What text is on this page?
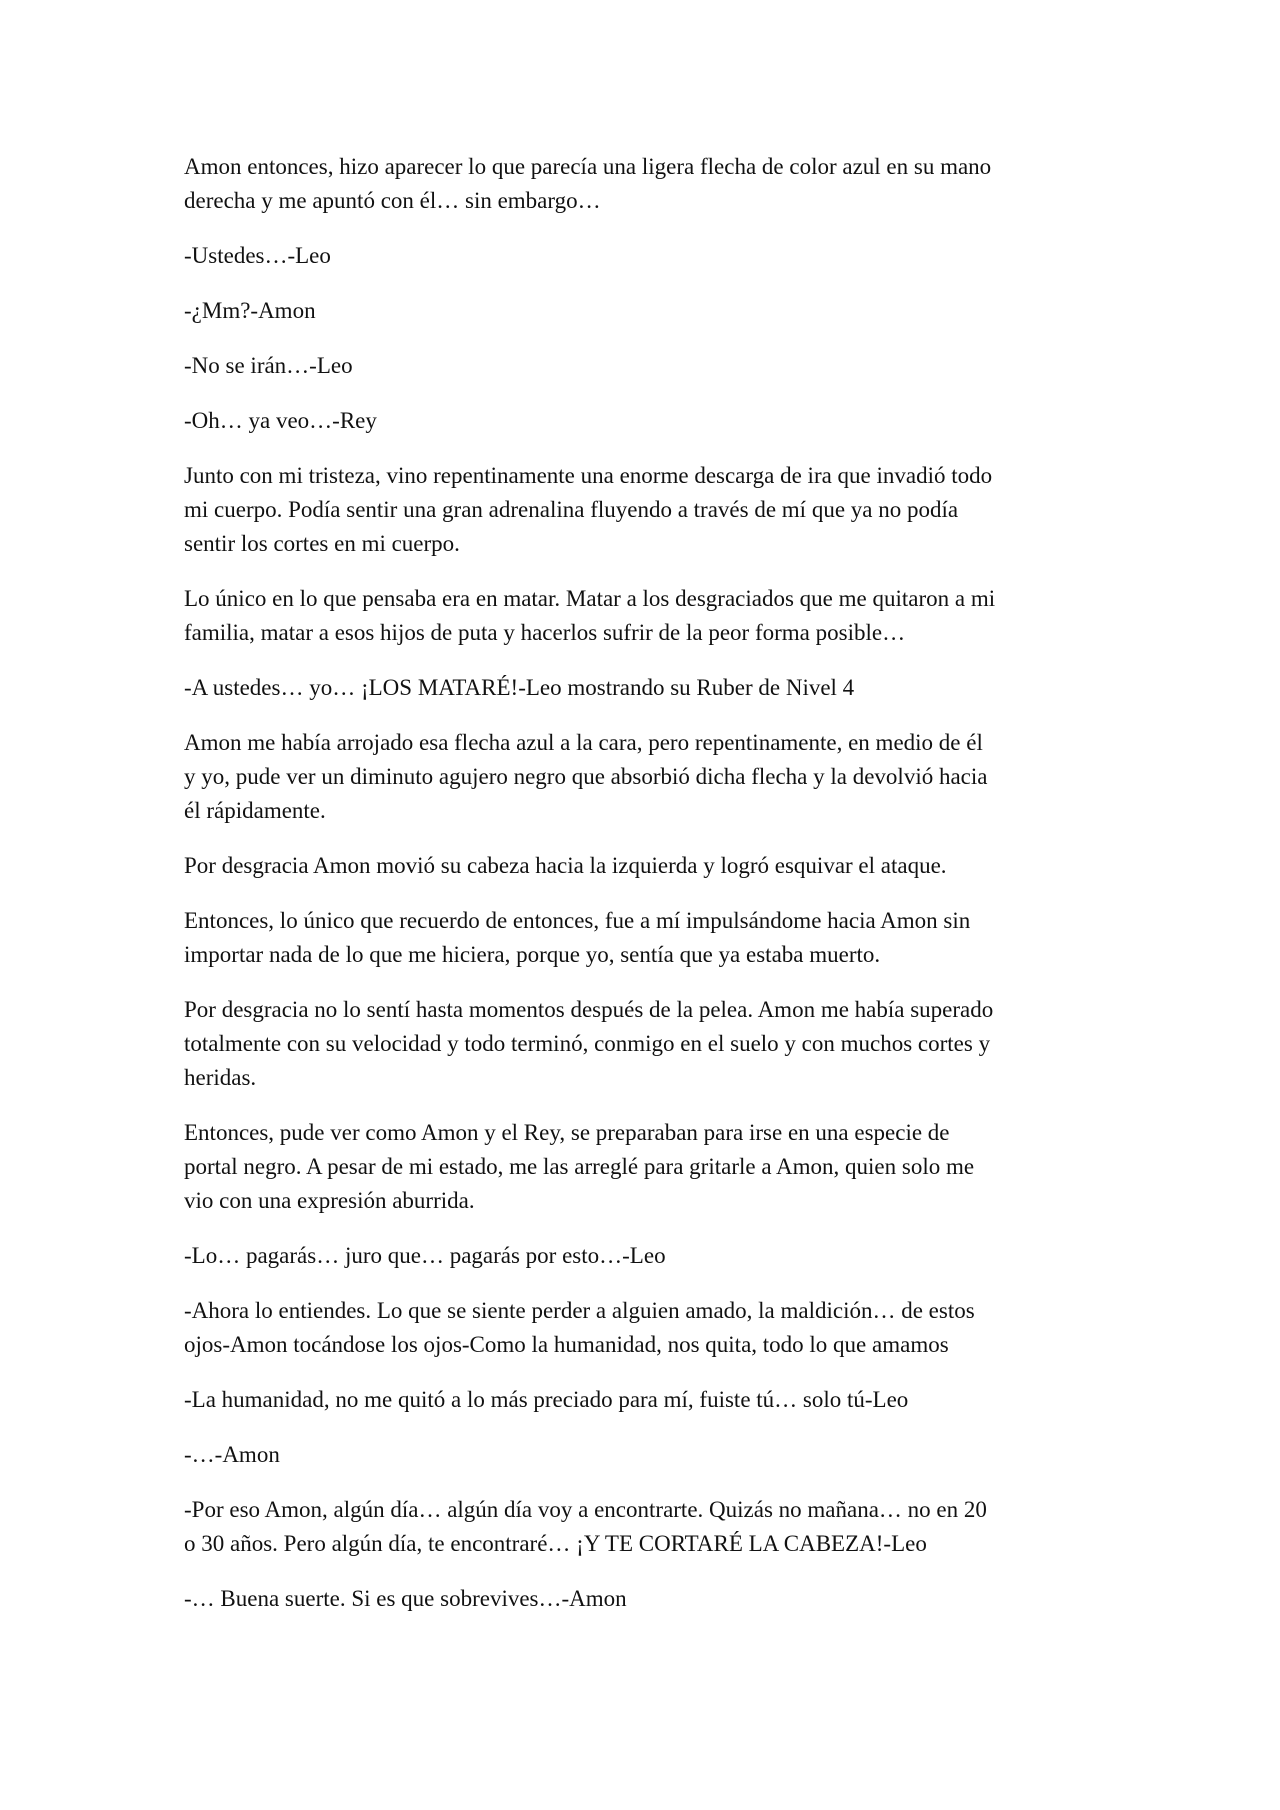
Amon entonces, hizo aparecer lo que parecía una ligera flecha de color azul en su mano
derecha y me apuntó con él… sin embargo…
-Ustedes…-Leo
-¿Mm?-Amon
-No se irán…-Leo
-Oh… ya veo…-Rey
Junto con mi tristeza, vino repentinamente una enorme descarga de ira que invadió todo
mi cuerpo. Podía sentir una gran adrenalina fluyendo a través de mí que ya no podía
sentir los cortes en mi cuerpo.
Lo único en lo que pensaba era en matar. Matar a los desgraciados que me quitaron a mi
familia, matar a esos hijos de puta y hacerlos sufrir de la peor forma posible…
-A ustedes… yo… ¡LOS MATARÉ!-Leo mostrando su Ruber de Nivel 4
Amon me había arrojado esa flecha azul a la cara, pero repentinamente, en medio de él
y yo, pude ver un diminuto agujero negro que absorbió dicha flecha y la devolvió hacia
él rápidamente.
Por desgracia Amon movió su cabeza hacia la izquierda y logró esquivar el ataque.
Entonces, lo único que recuerdo de entonces, fue a mí impulsándome hacia Amon sin
importar nada de lo que me hiciera, porque yo, sentía que ya estaba muerto.
Por desgracia no lo sentí hasta momentos después de la pelea. Amon me había superado
totalmente con su velocidad y todo terminó, conmigo en el suelo y con muchos cortes y
heridas.
Entonces, pude ver como Amon y el Rey, se preparaban para irse en una especie de
portal negro. A pesar de mi estado, me las arreglé para gritarle a Amon, quien solo me
vio con una expresión aburrida.
-Lo… pagarás… juro que… pagarás por esto…-Leo
-Ahora lo entiendes. Lo que se siente perder a alguien amado, la maldición… de estos
ojos-Amon tocándose los ojos-Como la humanidad, nos quita, todo lo que amamos
-La humanidad, no me quitó a lo más preciado para mí, fuiste tú… solo tú-Leo
-…-Amon
-Por eso Amon, algún día… algún día voy a encontrarte. Quizás no mañana… no en 20
o 30 años. Pero algún día, te encontraré… ¡Y TE CORTARÉ LA CABEZA!-Leo
-… Buena suerte. Si es que sobrevives…-Amon
